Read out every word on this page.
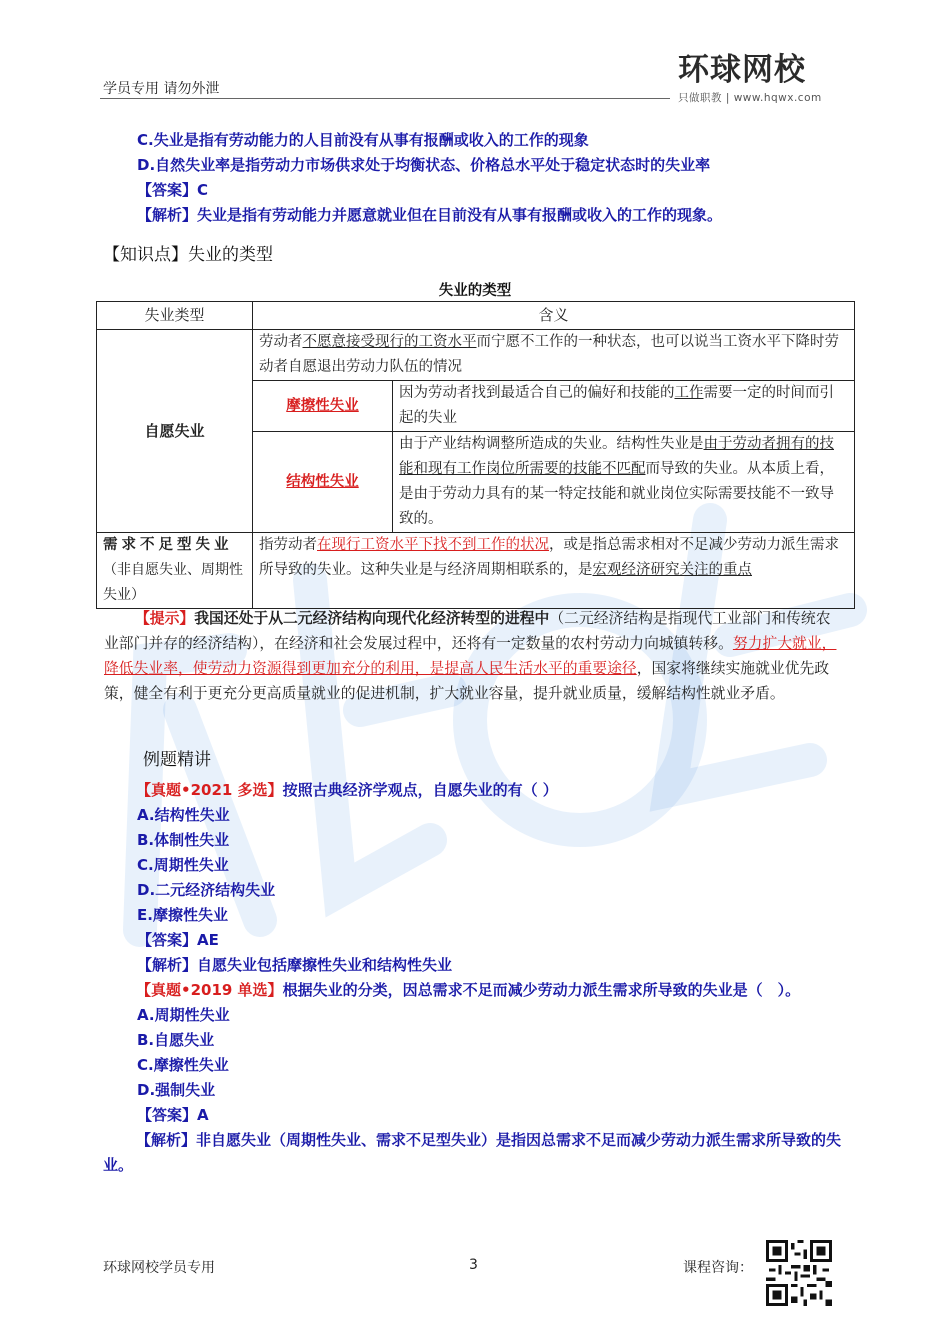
学员专用 请勿外泄
环球网校
只做职教 | www.hqwx.com
C.失业是指有劳动能力的人目前没有从事有报酬或收入的工作的现象
D.自然失业率是指劳动力市场供求处于均衡状态、价格总水平处于稳定状态时的失业率
【答案】C
【解析】失业是指有劳动能力并愿意就业但在目前没有从事有报酬或收入的工作的现象。
【知识点】失业的类型
失业的类型
失业类型	含义	
自愿失业	劳动者不愿意接受现行的工资水平而宁愿不工作的一种状态，也可以说当工资水平下降时劳动者自愿退出劳动力队伍的情况	
	摩擦性失业	因为劳动者找到最适合自己的偏好和技能的工作需要一定的时间而引起的失业
	结构性失业	由于产业结构调整所造成的失业。结构性失业是由于劳动者拥有的技能和现有工作岗位所需要的技能不匹配而导致的失业。从本质上看，是由于劳动力具有的某一特定技能和就业岗位实际需要技能不一致导致的。

需求不足型失业
（非自愿失业、周期性失业）	指劳动者在现行工资水平下找不到工作的状况，或是指总需求相对不足减少劳动力派生需求所导致的失业。这种失业是与经济周期相联系的，是宏观经济研究关注的重点	
【提示】我国还处于从二元经济结构向现代化经济转型的进程中（二元经济结构是指现代工业部门和传统农业部门并存的经济结构），在经济和社会发展过程中，还将有一定数量的农村劳动力向城镇转移。努力扩大就业，降低失业率，使劳动力资源得到更加充分的利用，是提高人民生活水平的重要途径，国家将继续实施就业优先政策，健全有利于更充分更高质量就业的促进机制，扩大就业容量，提升就业质量，缓解结构性就业矛盾。
例题精讲
【真题•2021 多选】按照古典经济学观点，自愿失业的有（ ）
A.结构性失业
B.体制性失业
C.周期性失业
D.二元经济结构失业
E.摩擦性失业
【答案】AE
【解析】自愿失业包括摩擦性失业和结构性失业
【真题•2019 单选】根据失业的分类，因总需求不足而减少劳动力派生需求所导致的失业是（　）。
A.周期性失业
B.自愿失业
C.摩擦性失业
D.强制失业
【答案】A
【解析】非自愿失业（周期性失业、需求不足型失业）是指因总需求不足而减少劳动力派生需求所导致的失业。
环球网校学员专用	3	课程咨询：
